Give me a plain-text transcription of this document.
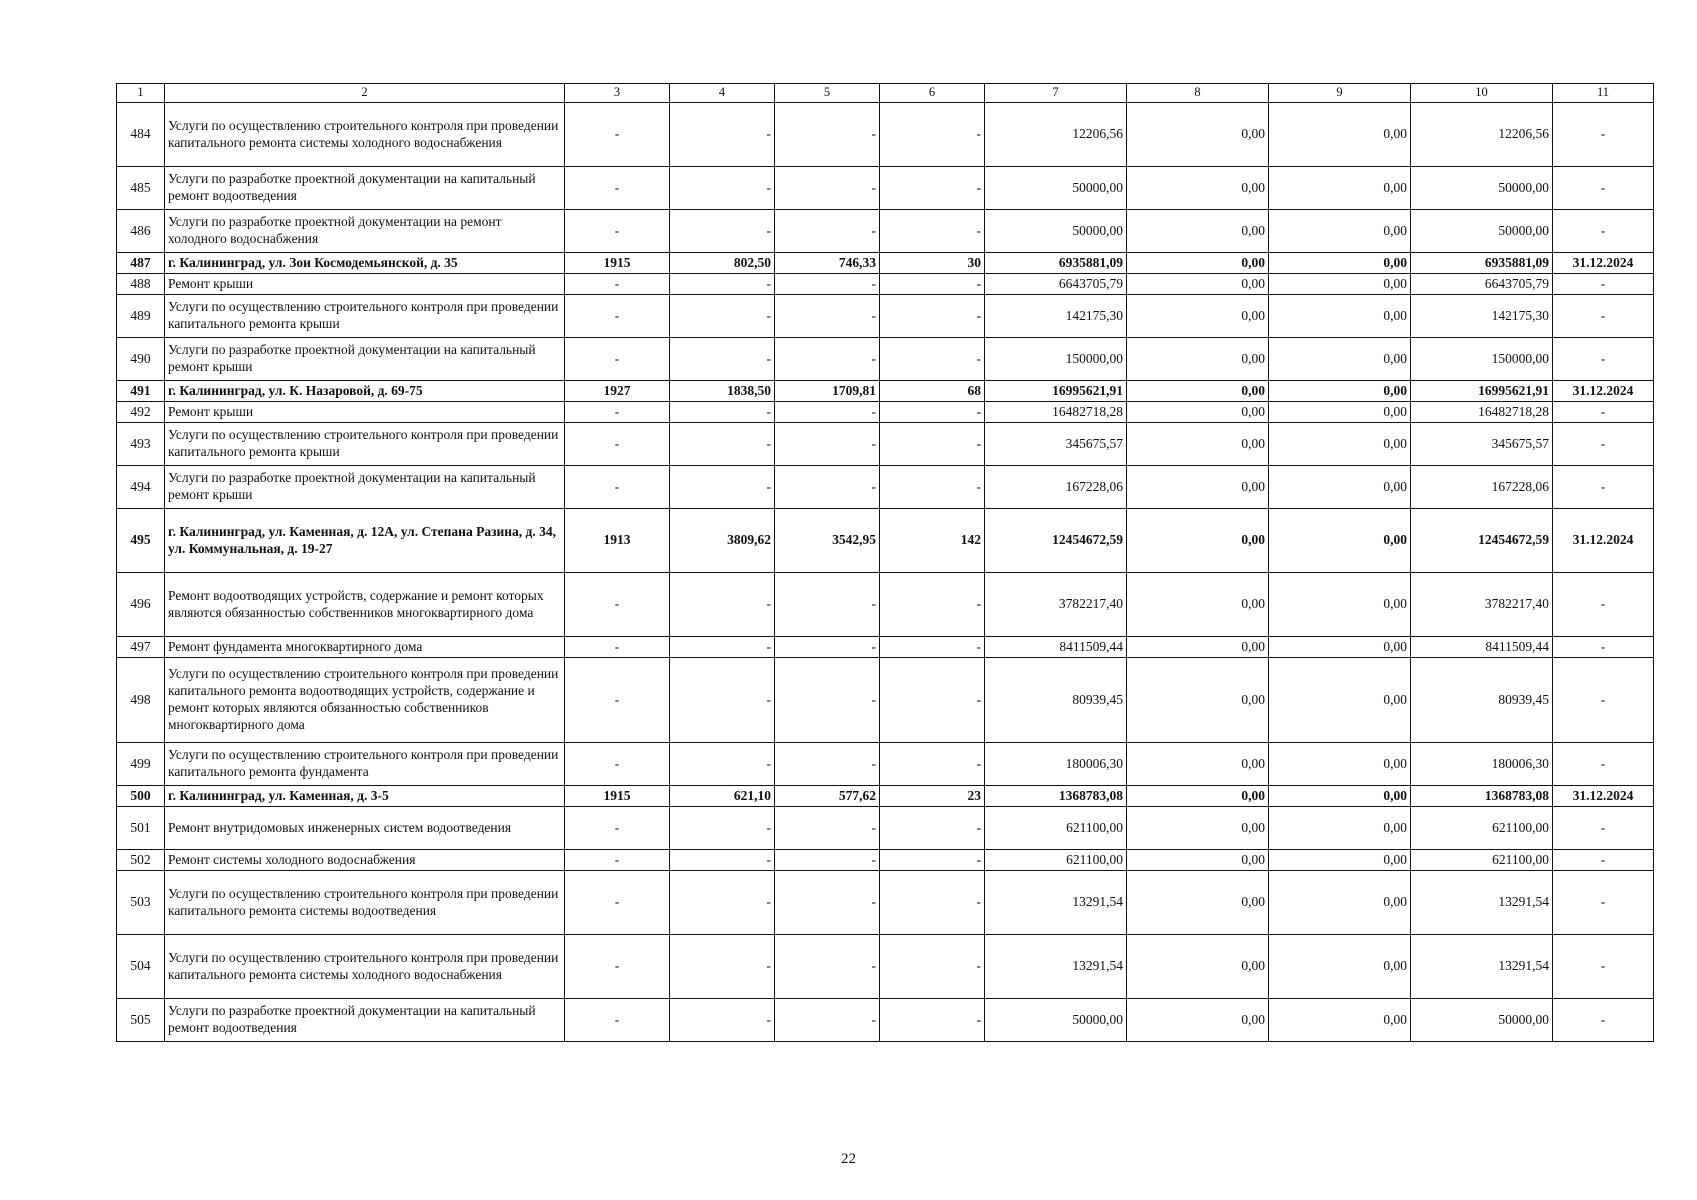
1	2	3	4	5	6	7	8	9	10	11
484	Услуги по осуществлению строительного контроля при проведении капитального ремонта системы холодного водоснабжения	-	-	-	-	12206,56	0,00	0,00	12206,56	-
485	Услуги по разработке проектной документации на капитальный ремонт водоотведения	-	-	-	-	50000,00	0,00	0,00	50000,00	-
486	Услуги по разработке проектной документации на ремонт холодного водоснабжения	-	-	-	-	50000,00	0,00	0,00	50000,00	-
487	г. Калининград, ул. Зои Космодемьянской, д. 35	1915	802,50	746,33	30	6935881,09	0,00	0,00	6935881,09	31.12.2024
488	Ремонт крыши	-	-	-	-	6643705,79	0,00	0,00	6643705,79	-
489	Услуги по осуществлению строительного контроля при проведении капитального ремонта крыши	-	-	-	-	142175,30	0,00	0,00	142175,30	-
490	Услуги по разработке проектной документации на капитальный ремонт крыши	-	-	-	-	150000,00	0,00	0,00	150000,00	-
491	г. Калининград, ул. К. Назаровой, д. 69-75	1927	1838,50	1709,81	68	16995621,91	0,00	0,00	16995621,91	31.12.2024
492	Ремонт крыши	-	-	-	-	16482718,28	0,00	0,00	16482718,28	-
493	Услуги по осуществлению строительного контроля при проведении капитального ремонта крыши	-	-	-	-	345675,57	0,00	0,00	345675,57	-
494	Услуги по разработке проектной документации на капитальный ремонт крыши	-	-	-	-	167228,06	0,00	0,00	167228,06	-
495	г. Калининград, ул. Каменная, д. 12А, ул. Степана Разина, д. 34, ул. Коммунальная, д. 19-27	1913	3809,62	3542,95	142	12454672,59	0,00	0,00	12454672,59	31.12.2024
496	Ремонт водоотводящих устройств, содержание и ремонт которых являются обязанностью собственников многоквартирного дома	-	-	-	-	3782217,40	0,00	0,00	3782217,40	-
497	Ремонт фундамента многоквартирного дома	-	-	-	-	8411509,44	0,00	0,00	8411509,44	-
498	Услуги по осуществлению строительного контроля при проведении капитального ремонта водоотводящих устройств, содержание и ремонт которых являются обязанностью собственников многоквартирного дома	-	-	-	-	80939,45	0,00	0,00	80939,45	-
499	Услуги по осуществлению строительного контроля при проведении капитального ремонта фундамента	-	-	-	-	180006,30	0,00	0,00	180006,30	-
500	г. Калининград, ул. Каменная, д. 3-5	1915	621,10	577,62	23	1368783,08	0,00	0,00	1368783,08	31.12.2024
501	Ремонт внутридомовых инженерных систем водоотведения	-	-	-	-	621100,00	0,00	0,00	621100,00	-
502	Ремонт системы холодного водоснабжения	-	-	-	-	621100,00	0,00	0,00	621100,00	-
503	Услуги по осуществлению строительного контроля при проведении капитального ремонта системы водоотведения	-	-	-	-	13291,54	0,00	0,00	13291,54	-
504	Услуги по осуществлению строительного контроля при проведении капитального ремонта системы холодного водоснабжения	-	-	-	-	13291,54	0,00	0,00	13291,54	-
505	Услуги по разработке проектной документации на капитальный ремонт водоотведения	-	-	-	-	50000,00	0,00	0,00	50000,00	-
22
